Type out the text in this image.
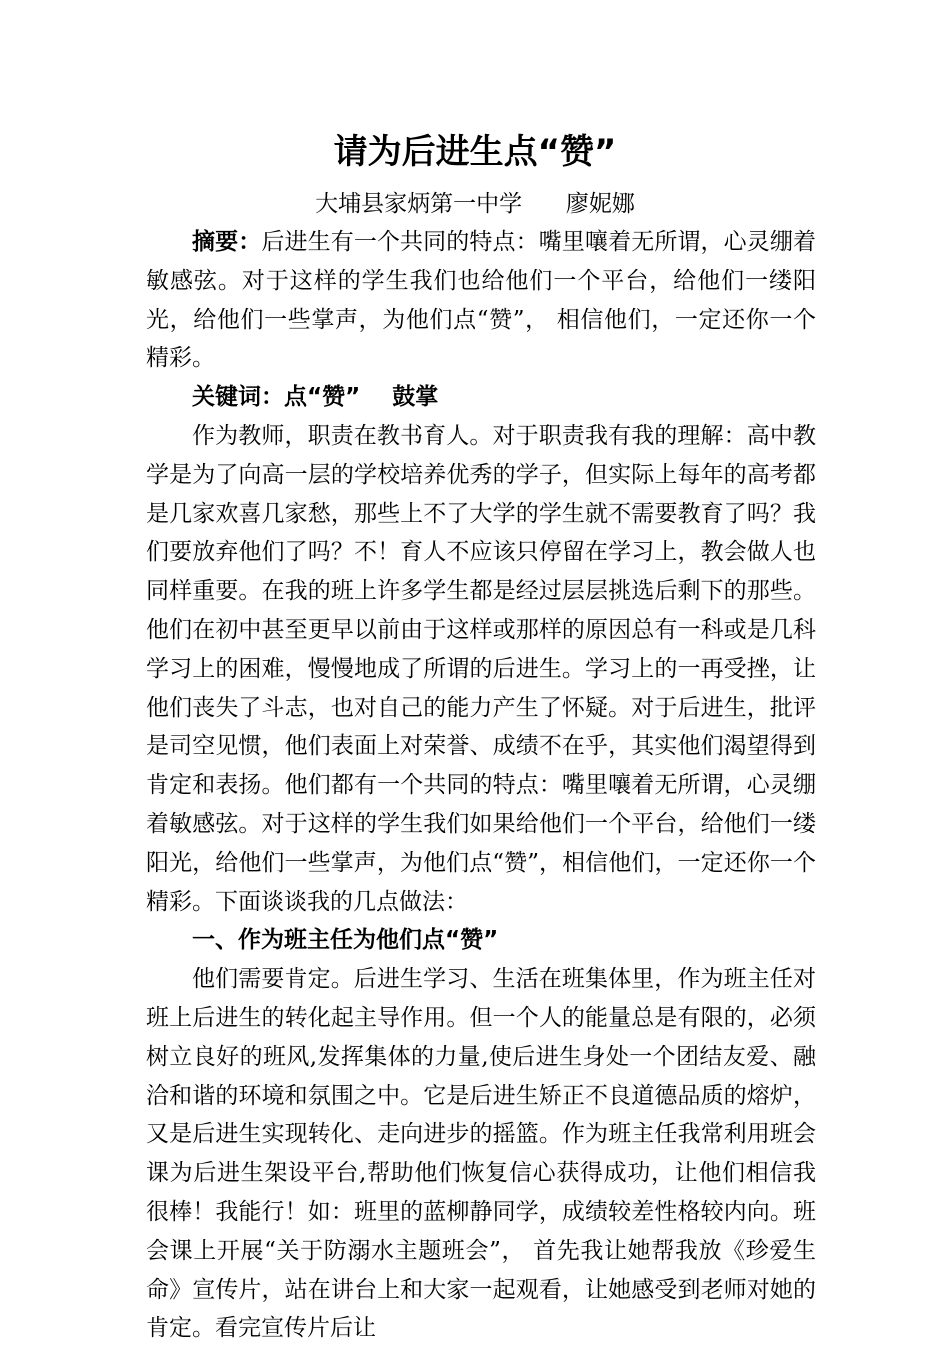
请为后进生点“赞”
大埔县家炳第一中学      廖妮娜

摘要：后进生有一个共同的特点：嘴里嚷着无所谓，心灵绷着敏感弦。对于这样的学生我们也给他们一个平台，给他们一缕阳光，给他们一些掌声，为他们点“赞”， 相信他们，一定还你一个精彩。

关键词：点“赞”    鼓掌

作为教师，职责在教书育人。对于职责我有我的理解：高中教学是为了向高一层的学校培养优秀的学子，但实际上每年的高考都是几家欢喜几家愁，那些上不了大学的学生就不需要教育了吗？我们要放弃他们了吗？不！育人不应该只停留在学习上，教会做人也同样重要。在我的班上许多学生都是经过层层挑选后剩下的那些。他们在初中甚至更早以前由于这样或那样的原因总有一科或是几科学习上的困难，慢慢地成了所谓的后进生。学习上的一再受挫，让他们丧失了斗志，也对自己的能力产生了怀疑。对于后进生，批评是司空见惯，他们表面上对荣誉、成绩不在乎，其实他们渴望得到肯定和表扬。他们都有一个共同的特点：嘴里嚷着无所谓，心灵绷着敏感弦。对于这样的学生我们如果给他们一个平台，给他们一缕阳光，给他们一些掌声，为他们点“赞”，相信他们，一定还你一个精彩。下面谈谈我的几点做法：

一、作为班主任为他们点“赞”

他们需要肯定。后进生学习、生活在班集体里，作为班主任对班上后进生的转化起主导作用。但一个人的能量总是有限的，必须树立良好的班风,发挥集体的力量,使后进生身处一个团结友爱、融洽和谐的环境和氛围之中。它是后进生矫正不良道德品质的熔炉，又是后进生实现转化、走向进步的摇篮。作为班主任我常利用班会课为后进生架设平台,帮助他们恢复信心获得成功，让他们相信我很棒！我能行！如：班里的蓝柳静同学，成绩较差性格较内向。班会课上开展“关于防溺水主题班会”， 首先我让她帮我放《珍爱生命》宣传片，站在讲台上和大家一起观看，让她感受到老师对她的肯定。看完宣传片后让
